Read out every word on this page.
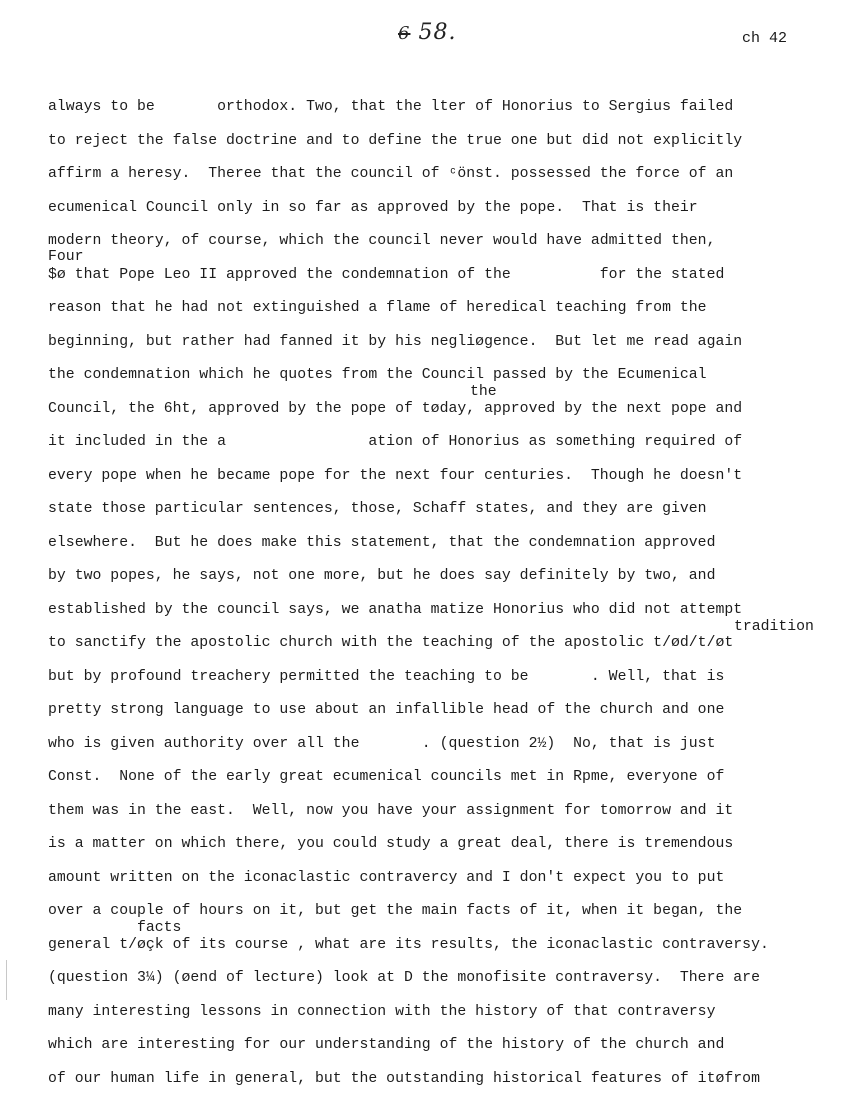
6 58.	ch 42
always to be       orthodox. Two, that the lter of Honorius to Sergius failed
to reject the false doctrine and to define the true one but did not explicitly
affirm a heresy.  Theree that the council of ᶜönst. possessed the force of an
ecumenical Council only in so far as approved by the pope.  That is their
modern theory, of course, which the council never would have admitted then,
Four
$ø that Pope Leo II approved the condemnation of the          for the stated
reason that he had not extinguished a flame of heredical teaching from the
beginning, but rather had fanned it by his negliøgence.  But let me read again
the condemnation which he quotes from the Council passed by the Ecumenical
the
Council, the 6ht, approved by the pope of tøday, approved by the next pope and
it included in the a                ation of Honorius as something required of
every pope when he became pope for the next four centuries.  Though he doesn't
state those particular sentences, those, Schaff states, and they are given
elsewhere.  But he does make this statement, that the condemnation approved
by two popes, he says, not one more, but he does say definitely by two, and
established by the council says, we anatha matize Honorius who did not attempt
tradition
to sanctify the apostolic church with the teaching of the apostolic t/ød/t/øt
but by profound treachery permitted the teaching to be       . Well, that is
pretty strong language to use about an infallible head of the church and one
who is given authority over all the       . (question 2½)  No, that is just
Const.  None of the early great ecumenical councils met in Rpme, everyone of
them was in the east.  Well, now you have your assignment for tomorrow and it
is a matter on which there, you could study a great deal, there is tremendous
amount written on the iconaclastic contravercy and I don't expect you to put
over a couple of hours on it, but get the main facts of it, when it began, the
facts
general t/øçk of its course , what are its results, the iconaclastic contraversy.
(question 3¼) (øend of lecture) look at D the monofisite contraversy.  There are
many interesting lessons in connection with the history of that contraversy
which are interesting for our understanding of the history of the church and
of our human life in general, but the outstanding historical features of itøfrom
